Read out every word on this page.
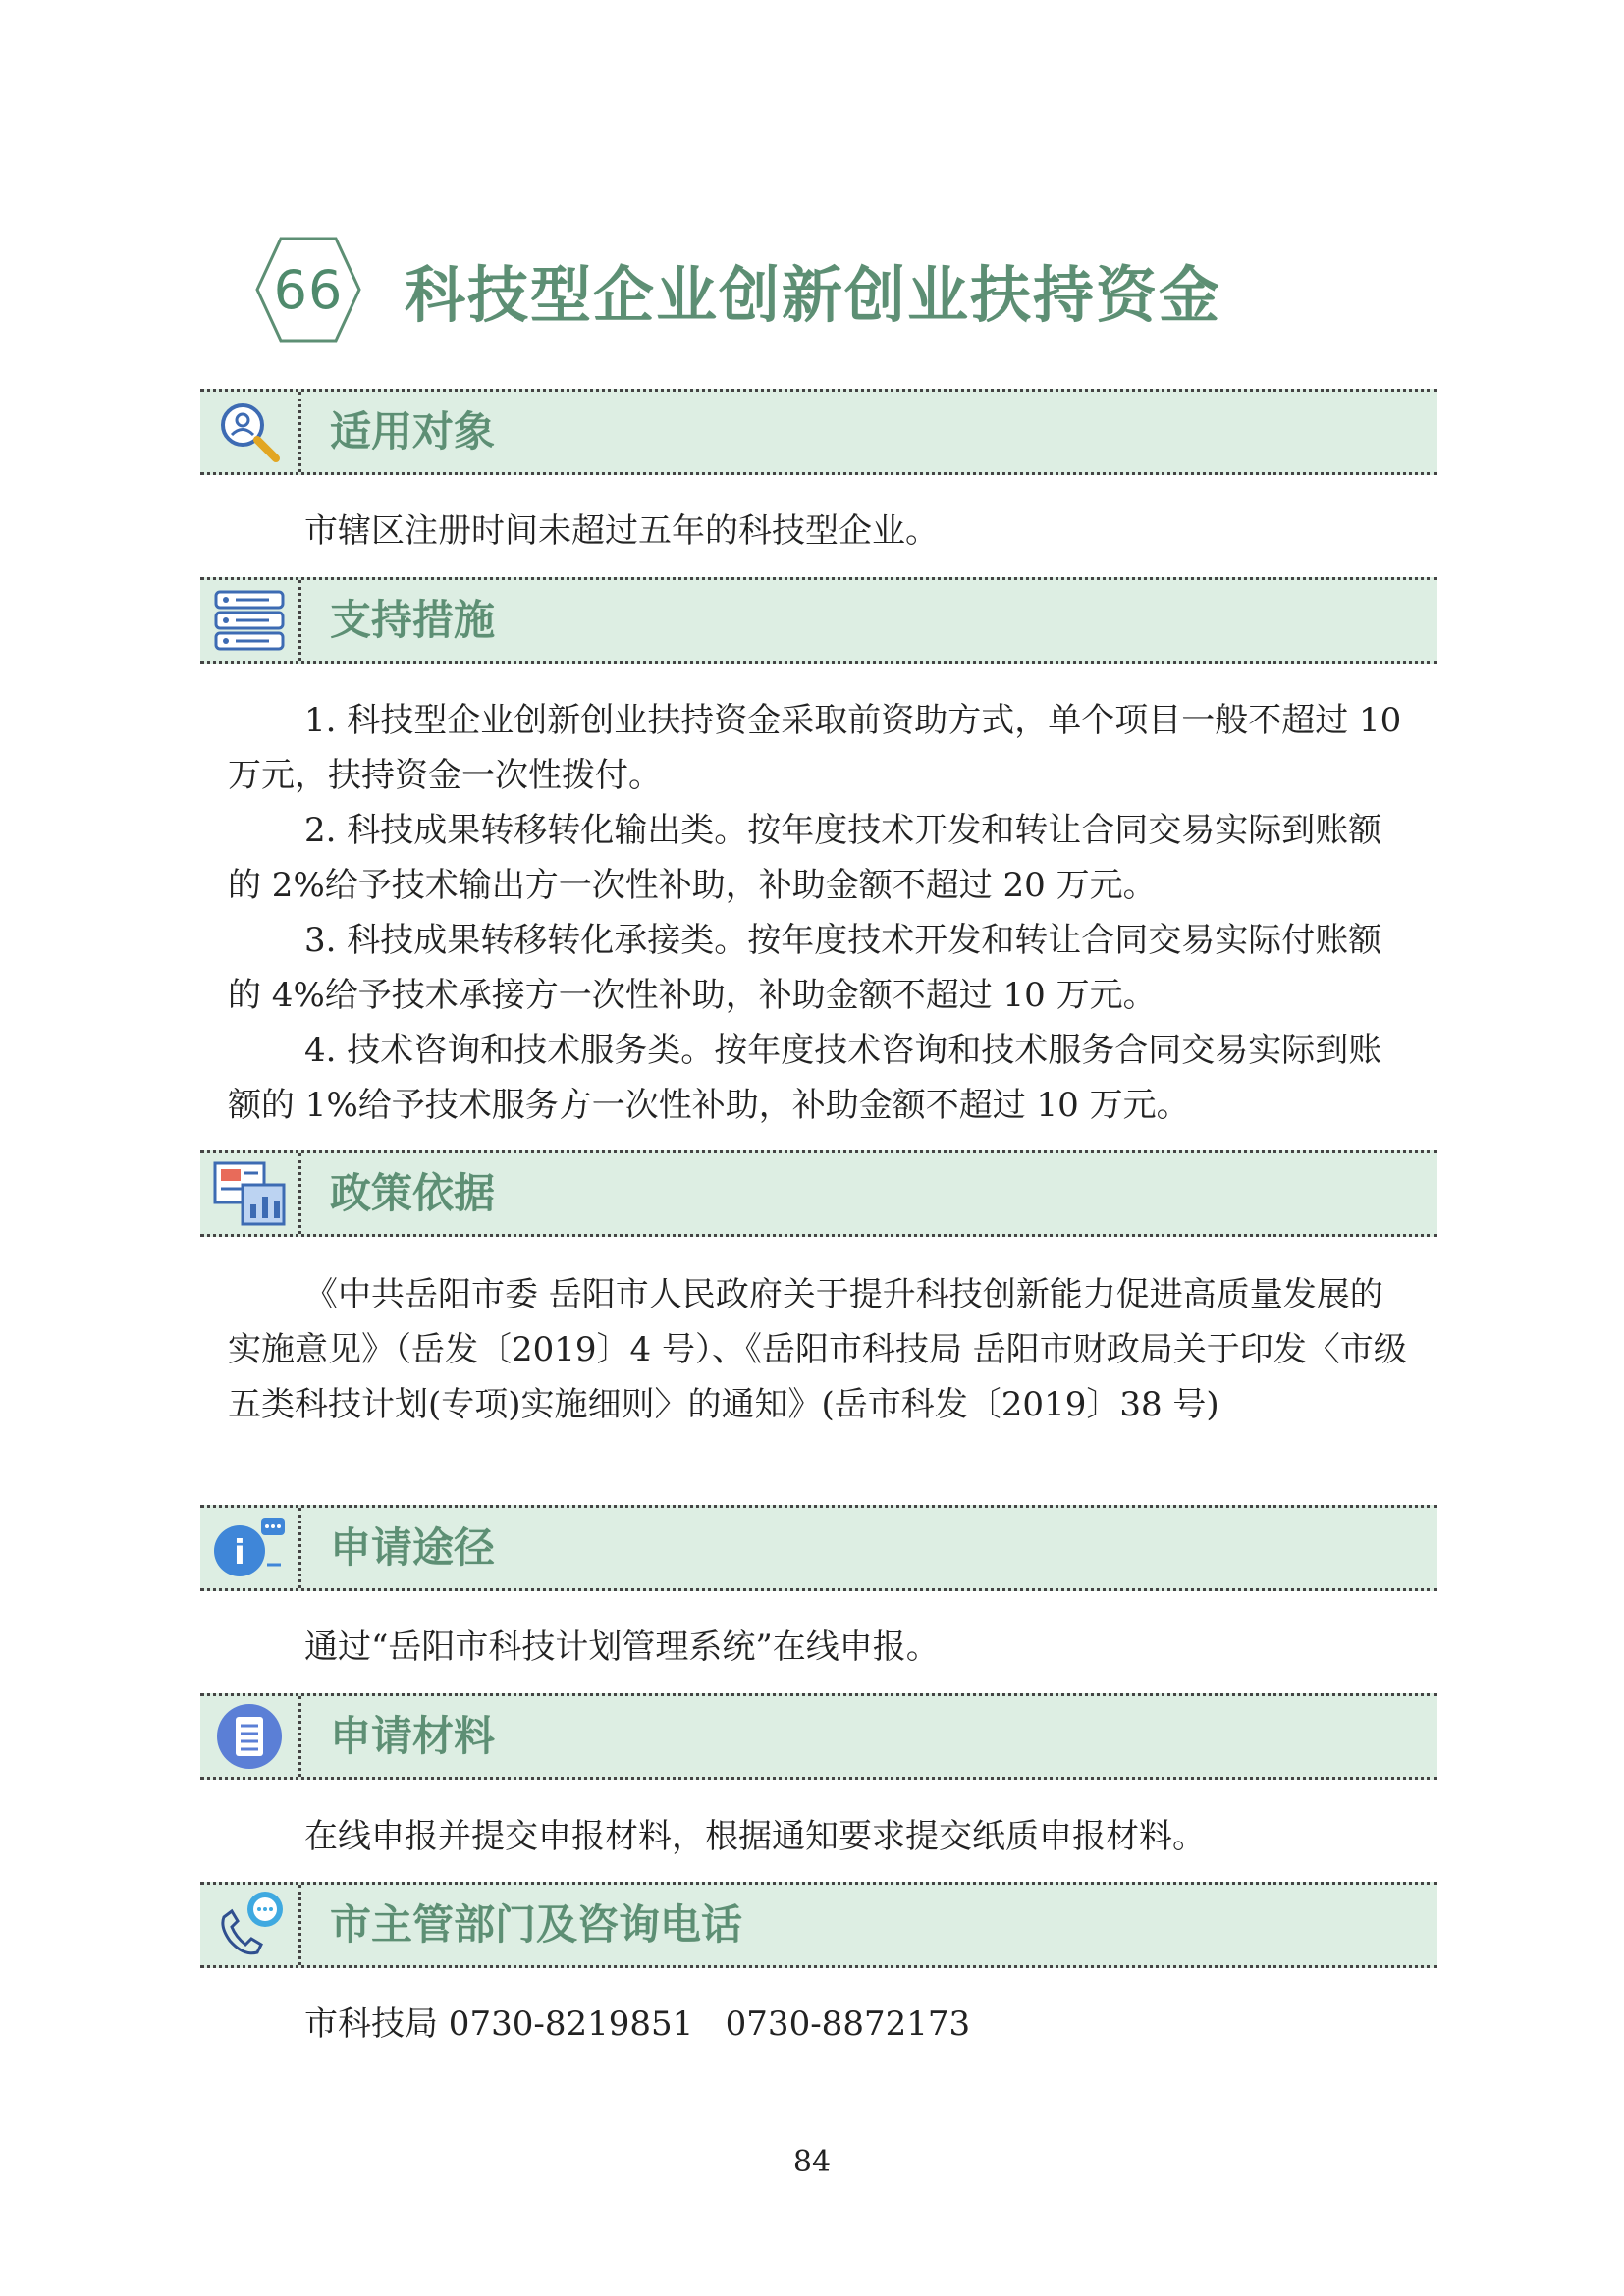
66	科技型企业创新创业扶持资金
适用对象
市辖区注册时间未超过五年的科技型企业。
支持措施

1. 科技型企业创新创业扶持资金采取前资助方式，单个项目一般不超过 10 万元，扶持资金一次性拨付。

2. 科技成果转移转化输出类。按年度技术开发和转让合同交易实际到账额的 2%给予技术输出方一次性补助，补助金额不超过 20 万元。

3. 科技成果转移转化承接类。按年度技术开发和转让合同交易实际付账额的 4%给予技术承接方一次性补助，补助金额不超过 10 万元。

4. 技术咨询和技术服务类。按年度技术咨询和技术服务合同交易实际到账额的 1%给予技术服务方一次性补助，补助金额不超过 10 万元。

政策依据

《中共岳阳市委 岳阳市人民政府关于提升科技创新能力促进高质量发展的实施意见》（岳发〔2019〕4 号）、《岳阳市科技局 岳阳市财政局关于印发〈市级五类科技计划(专项)实施细则〉的通知》(岳市科发〔2019〕38 号)

i 申请途径
通过“岳阳市科技计划管理系统”在线申报。
申请材料
在线申报并提交申报材料，根据通知要求提交纸质申报材料。
市主管部门及咨询电话
市科技局 0730-8219851   0730-8872173
84
